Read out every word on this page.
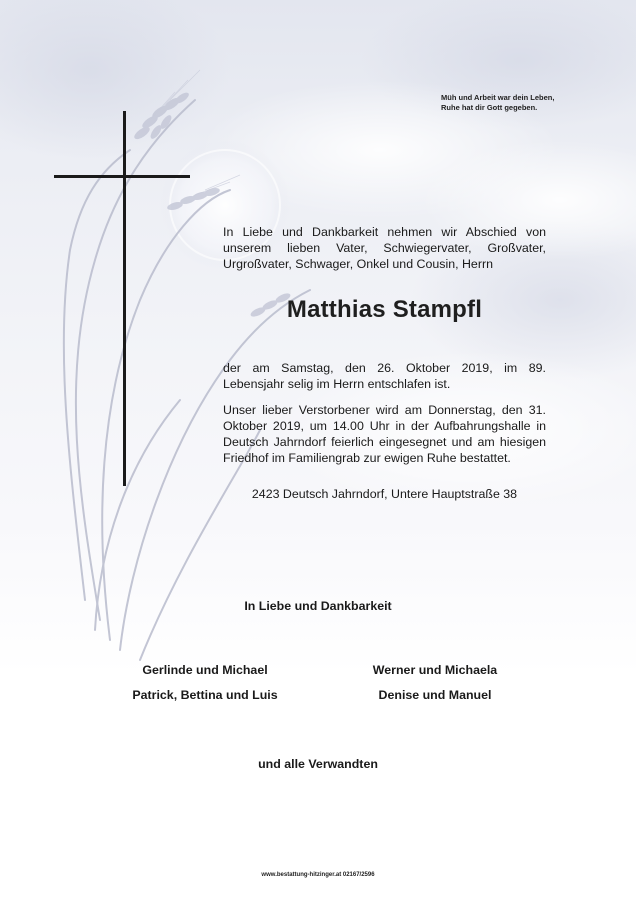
Müh und Arbeit war dein Leben,
Ruhe hat dir Gott gegeben.
In Liebe und Dankbarkeit nehmen wir Abschied von unserem lieben Vater, Schwiegervater, Großvater, Urgroßvater, Schwager, Onkel und Cousin, Herrn
Matthias Stampfl
der am Samstag, den 26. Oktober 2019, im 89. Lebensjahr selig im Herrn entschlafen ist.
Unser lieber Verstorbener wird am Donnerstag, den 31. Oktober 2019, um 14.00 Uhr in der Aufbahrungshalle in Deutsch Jahrndorf feierlich eingesegnet und am hiesigen Friedhof im Familiengrab zur ewigen Ruhe bestattet.
2423 Deutsch Jahrndorf, Untere Hauptstraße 38
In Liebe und Dankbarkeit
Gerlinde und Michael
Patrick, Bettina und Luis
Werner und Michaela
Denise und Manuel
und alle Verwandten
www.bestattung-hitzinger.at 02167/2596
